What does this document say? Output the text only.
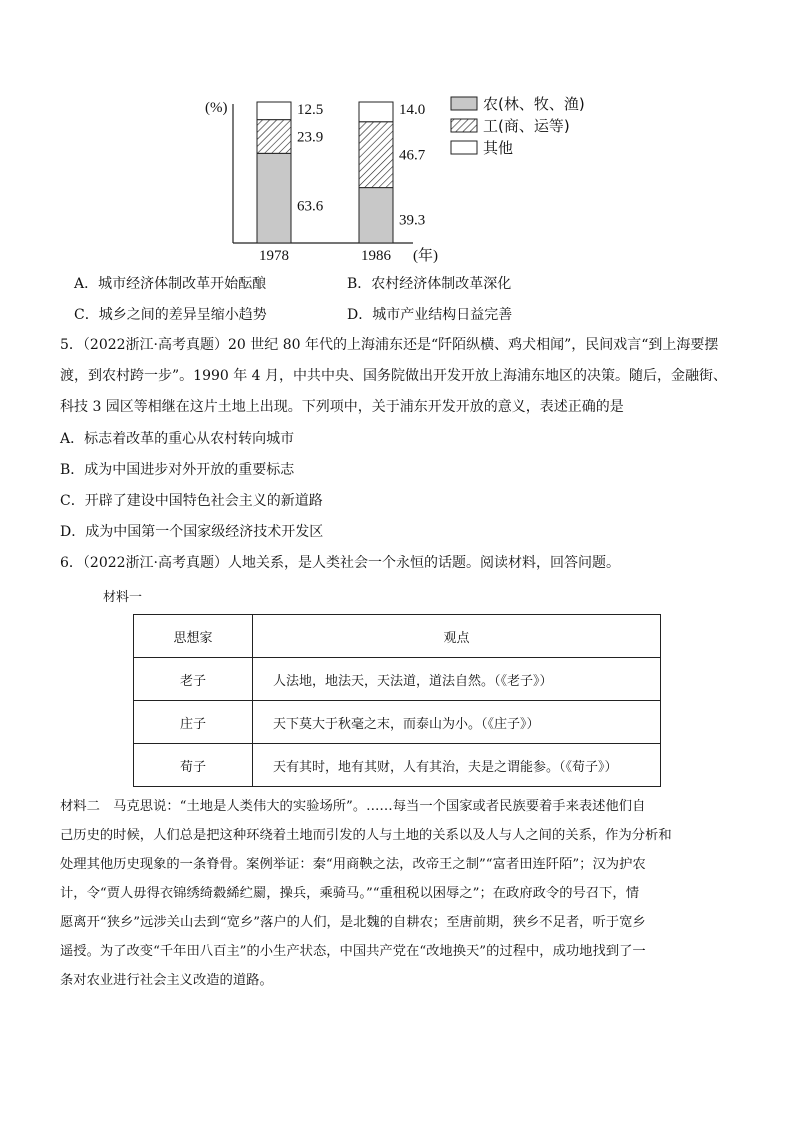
(%)
63.6
23.9
12.5
39.3
46.7
14.0
1978	1986 (年)
农(林、牧、渔)
工(商、运等)
其他
A．城市经济体制改革开始酝酿	B．农村经济体制改革深化
C．城乡之间的差异呈缩小趋势	D．城市产业结构日益完善
5．（2022浙江·高考真题）20 世纪 80 年代的上海浦东还是“阡陌纵横、鸡犬相闻”，民间戏言“到上海要摆
渡，到农村跨一步”。1990 年 4 月，中共中央、国务院做出开发开放上海浦东地区的决策。随后，金融街、
科技 3 园区等相继在这片土地上出现。下列项中，关于浦东开发开放的意义，表述正确的是
A．标志着改革的重心从农村转向城市
B．成为中国进步对外开放的重要标志
C．开辟了建设中国特色社会主义的新道路
D．成为中国第一个国家级经济技术开发区
6．（2022浙江·高考真题）人地关系，是人类社会一个永恒的话题。阅读材料，回答问题。
材料一
思想家	观点
老子	人法地，地法天，天法道，道法自然。（《老子》）
庄子	天下莫大于秋毫之末，而泰山为小。（《庄子》）
荀子	天有其时，地有其财，人有其治，夫是之谓能参。（《荀子》）
材料二　马克思说：“土地是人类伟大的实验场所”。……每当一个国家或者民族要着手来表述他们自
己历史的时候，人们总是把这种环绕着土地而引发的人与土地的关系以及人与人之间的关系，作为分析和
处理其他历史现象的一条脊骨。案例举证：秦“用商鞅之法，改帝王之制”“富者田连阡陌”；汉为护农
计，令“贾人毋得衣锦绣绮縠絺纻罽，操兵，乘骑马。”“重租税以困辱之”；在政府政令的号召下，情
愿离开“狭乡”远涉关山去到“宽乡”落户的人们，是北魏的自耕农；至唐前期，狭乡不足者，听于宽乡
遥授。为了改变“千年田八百主”的小生产状态，中国共产党在“改地换天”的过程中，成功地找到了一
条对农业进行社会主义改造的道路。
